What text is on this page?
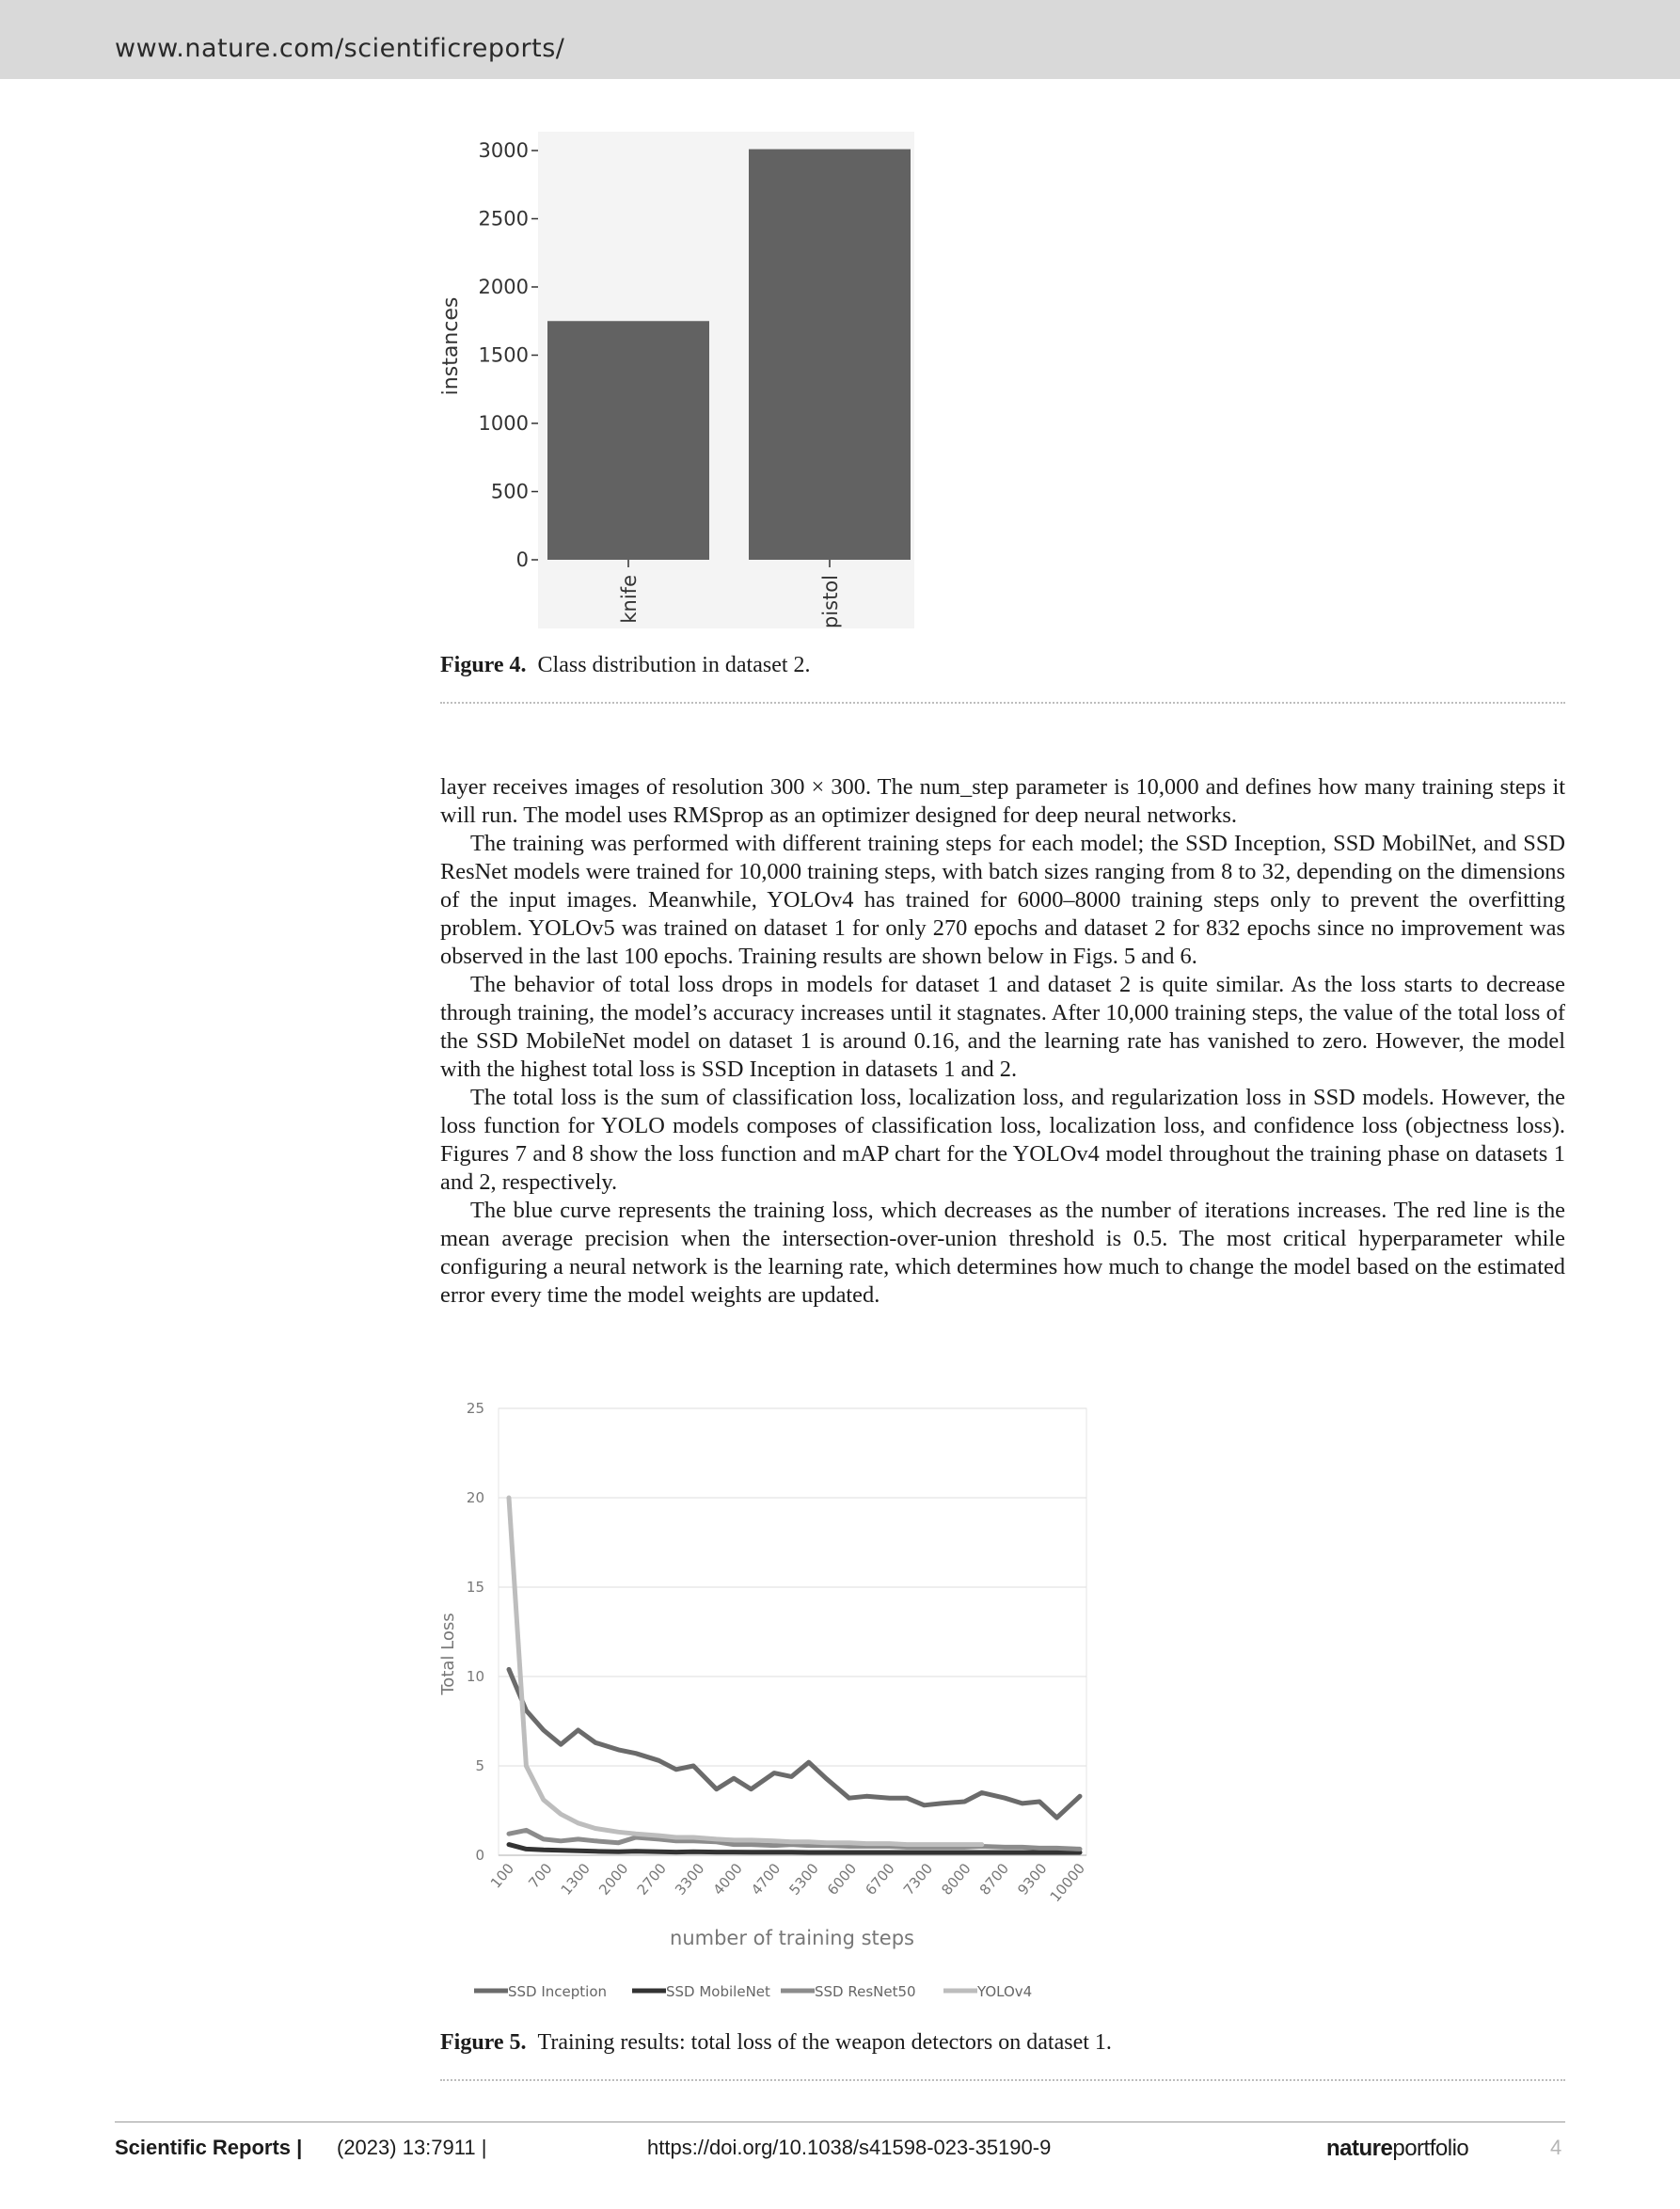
www.nature.com/scientificreports/
0
500
1000
1500
2000
2500
3000
instances
knife	pistol
Figure 4. Class distribution in dataset 2.

layer receives images of resolution 300 × 300. The num_step parameter is 10,000 and defines how many training steps it will run. The model uses RMSprop as an optimizer designed for deep neural networks.

The training was performed with different training steps for each model; the SSD Inception, SSD MobilNet, and SSD ResNet models were trained for 10,000 training steps, with batch sizes ranging from 8 to 32, depending on the dimensions of the input images. Meanwhile, YOLOv4 has trained for 6000–8000 training steps only to prevent the overfitting problem. YOLOv5 was trained on dataset 1 for only 270 epochs and dataset 2 for 832 epochs since no improvement was observed in the last 100 epochs. Training results are shown below in Figs. 5 and 6.

The behavior of total loss drops in models for dataset 1 and dataset 2 is quite similar. As the loss starts to decrease through training, the model’s accuracy increases until it stagnates. After 10,000 training steps, the value of the total loss of the SSD MobileNet model on dataset 1 is around 0.16, and the learning rate has vanished to zero. However, the model with the highest total loss is SSD Inception in datasets 1 and 2.

The total loss is the sum of classification loss, localization loss, and regularization loss in SSD models. However, the loss function for YOLO models composes of classification loss, localization loss, and confidence loss (objectness loss). Figures 7 and 8 show the loss function and mAP chart for the YOLOv4 model throughout the training phase on datasets 1 and 2, respectively.

The blue curve represents the training loss, which decreases as the number of iterations increases. The red line is the mean average precision when the intersection-over-union threshold is 0.5. The most critical hyperparameter while configuring a neural network is the learning rate, which determines how much to change the model based on the estimated error every time the model weights are updated.

0
5
10
15
20
25
Total Loss
100 700 1300 2000 2700 3300 4000 4700 5300 6000 6700 7300 8000 8700 9300
10000
number of training steps
SSD Inception	SSD MobileNet	SSD ResNet50	YOLOv4
Figure 5. Training results: total loss of the weapon detectors on dataset 1.
Scientific Reports | (2023) 13:7911 |	https://doi.org/10.1038/s41598-023-35190-9	natureportfolio	4
